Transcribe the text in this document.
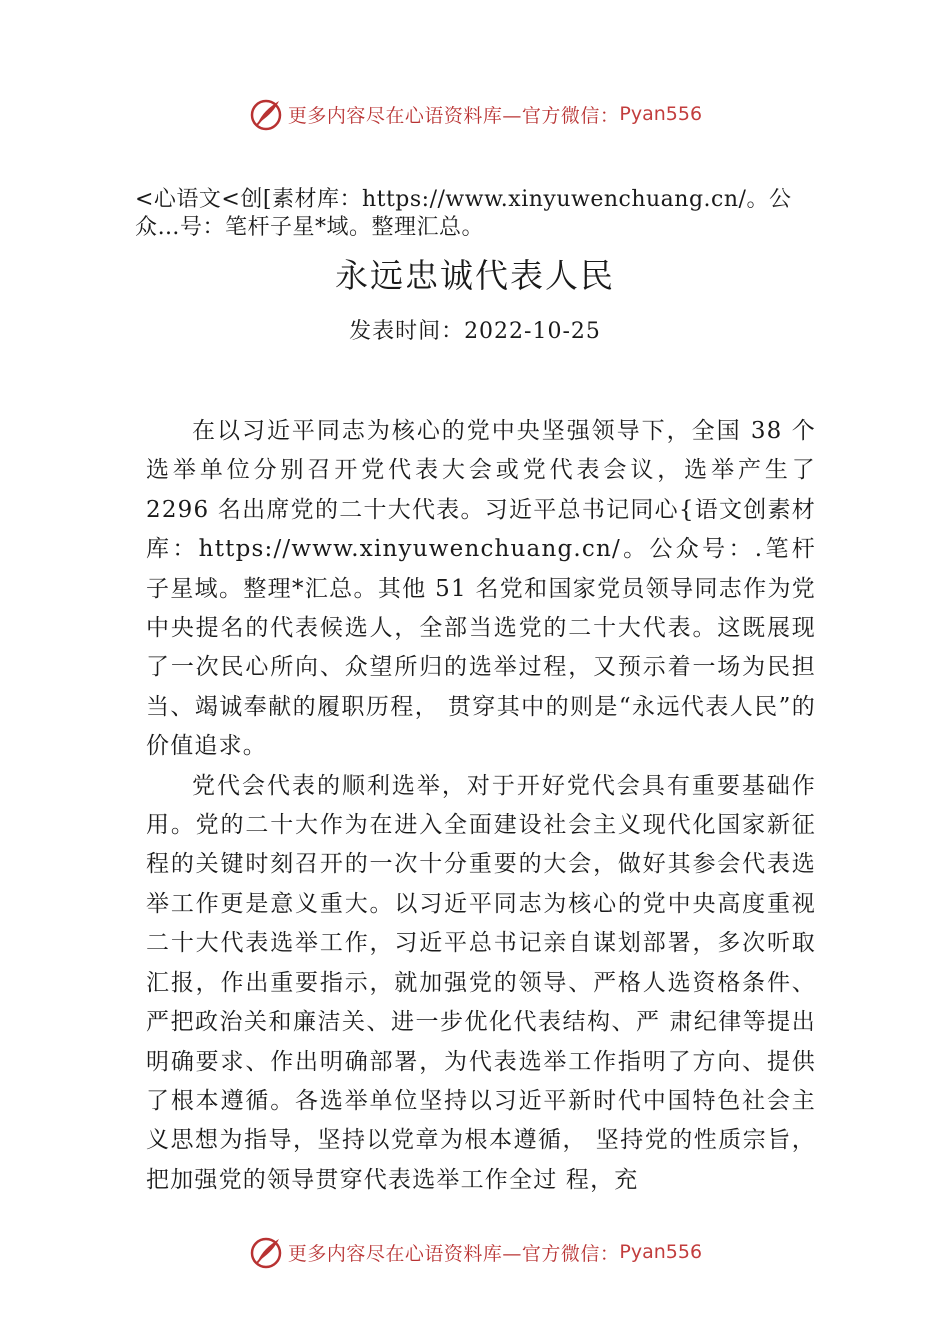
更多内容尽在心语资料库—官方微信： Pyan556

<心语文<创[素材库：https://www.xinyuwenchuang.cn/。公众…号：笔杆子星*域。整理汇总。

永远忠诚代表人民

发表时间：2022-10-25

在以习近平同志为核心的党中央坚强领导下，全国 38 个选举单位分别召开党代表大会或党代表会议，选举产生了 2296 名出席党的二十大代表。习近平总书记同心{语文创素材库：https://www.xinyuwenchuang.cn/。公众号：.笔杆子星域。整理*汇总。其他 51 名党和国家党员领导同志作为党中央提名的代表候选人，全部当选党的二十大代表。这既展现了一次民心所向、众望所归的选举过程，又预示着一场为民担当、竭诚奉献的履职历程， 贯穿其中的则是“永远代表人民”的价值追求。

党代会代表的顺利选举，对于开好党代会具有重要基础作用。党的二十大作为在进入全面建设社会主义现代化国家新征程的关键时刻召开的一次十分重要的大会，做好其参会代表选举工作更是意义重大。以习近平同志为核心的党中央高度重视二十大代表选举工作，习近平总书记亲自谋划部署，多次听取汇报，作出重要指示，就加强党的领导、严格人选资格条件、严把政治关和廉洁关、进一步优化代表结构、严 肃纪律等提出明确要求、作出明确部署，为代表选举工作指明了方向、提供了根本遵循。各选举单位坚持以习近平新时代中国特色社会主义思想为指导，坚持以党章为根本遵循， 坚持党的性质宗旨，把加强党的领导贯穿代表选举工作全过 程，充

更多内容尽在心语资料库—官方微信： Pyan556
